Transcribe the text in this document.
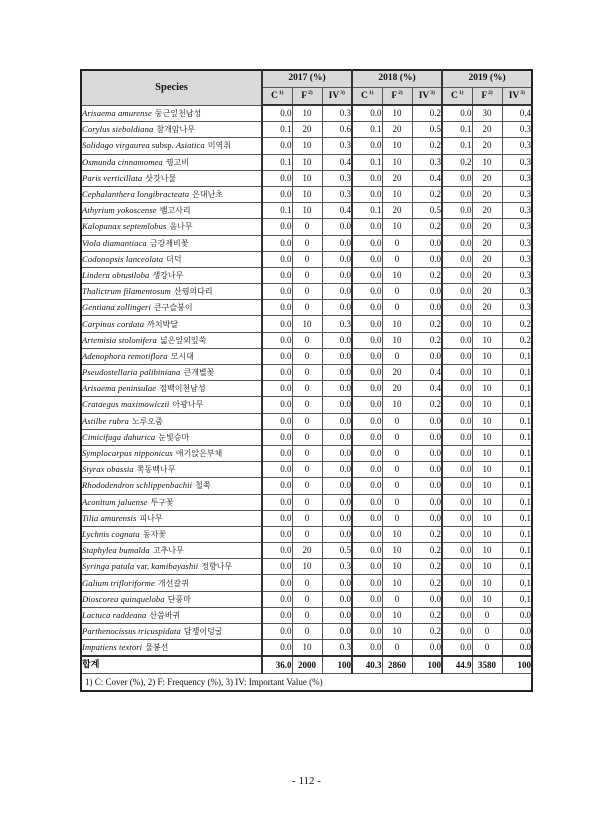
Species	2017 (%)			2018 (%)			2019 (%)		
	$C^{1)}$	$F^{2)}$	IV$^{3)}$	$C^{1)}$	$F^{2)}$	IV$^{3)}$	$C^{1)}$	$F^{2)}$	IV$^{3)}$
Arisaema amurense 둥근잎천남성	0.0	10	0.3	0.0	10	0.2	0.0	30	0.4
Corylus sieboldiana 참개암나무	0.1	20	0.6	0.1	20	0.5	0.1	20	0.3
Solidago virgaurea subsp. Asiatica 미역취	0.0	10	0.3	0.0	10	0.2	0.1	20	0.3
Osmunda cinnamomea 꿩고비	0.1	10	0.4	0.1	10	0.3	0.2	10	0.3
Paris verticillata 삿갓나물	0.0	10	0.3	0.0	20	0.4	0.0	20	0.3
Cephalanthera longibracteata 은대난초	0.0	10	0.3	0.0	10	0.2	0.0	20	0.3
Athyrium yokoscense 뱀고사리	0.1	10	0.4	0.1	20	0.5	0.0	20	0.3
Kalopanax septemlobus 음나무	0.0	0	0.0	0.0	10	0.2	0.0	20	0.3
Viola diamantiaca 금강제비꽃	0.0	0	0.0	0.0	0	0.0	0.0	20	0.3
Codonopsis lanceolata 더덕	0.0	0	0.0	0.0	0	0.0	0.0	20	0.3
Lindera obtusiloba 생강나무	0.0	0	0.0	0.0	10	0.2	0.0	20	0.3
Thalictrum filamentosum 산꿩의다리	0.0	0	0.0	0.0	0	0.0	0.0	20	0.3
Gentiana zollingeri 큰구슬붕이	0.0	0	0.0	0.0	0	0.0	0.0	20	0.3
Carpinus cordata 까치박달	0.0	10	0.3	0.0	10	0.2	0.0	10	0.2
Artemisia stolonifera 넓은잎외잎쑥	0.0	0	0.0	0.0	10	0.2	0.0	10	0.2
Adenophora remotiflora 모시대	0.0	0	0.0	0.0	0	0.0	0.0	10	0.1
Pseudostellaria palibiniana 큰개별꽃	0.0	0	0.0	0.0	20	0.4	0.0	10	0.1
Arisaema peninsulae 점백이천남성	0.0	0	0.0	0.0	20	0.4	0.0	10	0.1
Crataegus maximowiczii 아광나무	0.0	0	0.0	0.0	10	0.2	0.0	10	0.1
Astilbe rubra 노루오줌	0.0	0	0.0	0.0	0	0.0	0.0	10	0.1
Cimicifuga dahurica 눈빛승마	0.0	0	0.0	0.0	0	0.0	0.0	10	0.1
Symplocarpus nipponicus 애기앉은부채	0.0	0	0.0	0.0	0	0.0	0.0	10	0.1
Styrax obassia 쪽동백나무	0.0	0	0.0	0.0	0	0.0	0.0	10	0.1
Rhododendron schlippenbachii 철쭉	0.0	0	0.0	0.0	0	0.0	0.0	10	0.1
Aconitum jaluense 투구꽃	0.0	0	0.0	0.0	0	0.0	0.0	10	0.1
Tilia amurensis 피나무	0.0	0	0.0	0.0	0	0.0	0.0	10	0.1
Lychnis cognata 동자꽃	0.0	0	0.0	0.0	10	0.2	0.0	10	0.1
Staphylea bumalda 고추나무	0.0	20	0.5	0.0	10	0.2	0.0	10	0.1
Syringa patula var. kamibayashii 정향나무	0.0	10	0.3	0.0	10	0.2	0.0	10	0.1
Galium trifloriforme 개선갈퀴	0.0	0	0.0	0.0	10	0.2	0.0	10	0.1
Dioscorea quinqueloba 단풍마	0.0	0	0.0	0.0	0	0.0	0.0	10	0.1
Lactuca raddeana 산씀바귀	0.0	0	0.0	0.0	10	0.2	0.0	0	0.0
Parthenocissus tricuspidata 담쟁이덩굴	0.0	0	0.0	0.0	10	0.2	0.0	0	0.0
Impatiens textori 물봉선	0.0	10	0.3	0.0	0	0.0	0.0	0	0.0
합계	36.0	2000	100	40.3	2860	100	44.9	3580	100
1) C: Cover (%), 2) F: Frequency (%), 3) IV: Important Value (%)									
- 112 -
